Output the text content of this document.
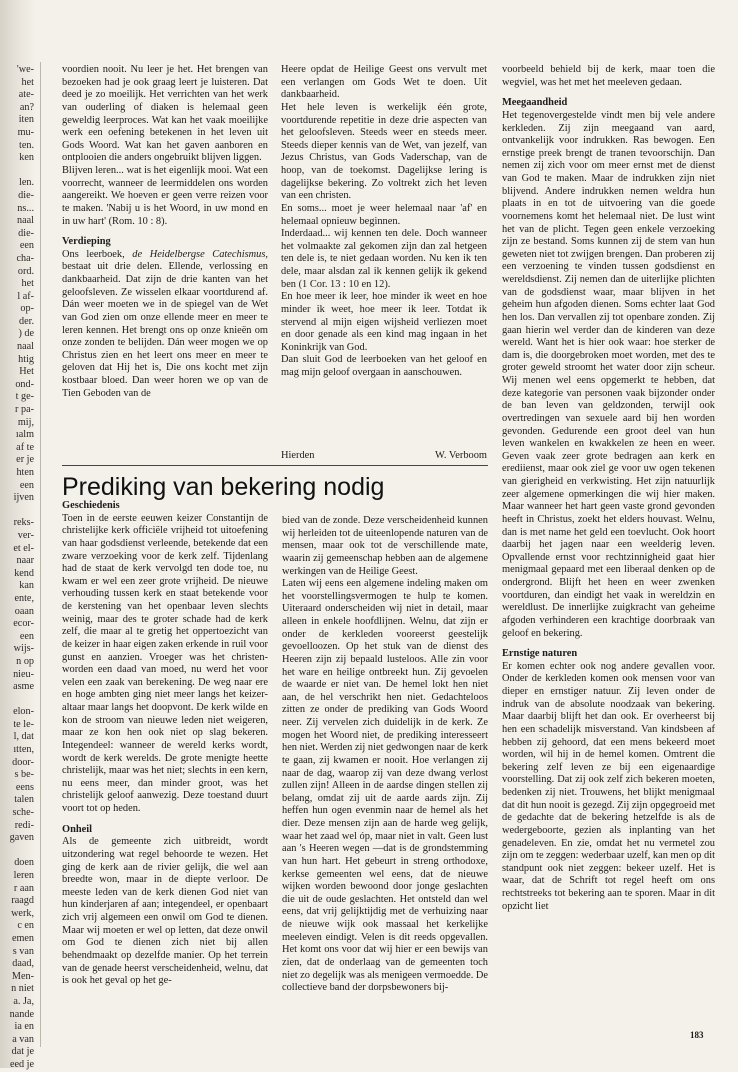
'we-
het
ate-
an?
iten
mu-
ten.
ken
len.
die-
ns...
naal
die-
een
cha-
ord.
het
l af-
op-
der.
) de
naal
htig
Het
ond-
t ge-
r pa-
mij,
ıalm
af te
er je
hten
een
ijven
reks-
ver-
et el-
naar
kend
kan
ente,
oaan
ecor-
een
wijs-
n op
nieu-
asme
elon-
te le-
l, dat
ıtten,
door-
s be-
eens
talen
sche-
redi-
gaven
doen
leren
r aan
raagd
werk,
c en
emen
s van
daad,
Men-
n niet
a. Ja,
nande
ia en
a van
dat je
eed je

voordien nooit. Nu leer je het. Het brengen van bezoeken had je ook graag leert je luisteren. Dat deed je zo moeilijk. Het verrichten van het werk van ouderling of diaken is helemaal geen geweldig leerproces. Wat kan het vaak moeilijke werk een oefening betekenen in het leven uit Gods Woord. Wat kan het gaven aanboren en ontplooien die anders ongebruikt blijven liggen.

Blijven leren... wat is het eigenlijk mooi. Wat een voorrecht, wanneer de leermiddelen ons worden aangereikt. We hoeven er geen verre reizen voor te maken. 'Nabij u is het Woord, in uw mond en in uw hart' (Rom. 10 : 8).

Verdieping

Ons leerboek, de Heidelbergse Catechismus, bestaat uit drie delen. Ellende, verlossing en dankbaarheid. Dat zijn de drie kanten van het geloofsleven. Ze wisselen elkaar voortdurend af. Dán weer moeten we in de spiegel van de Wet van God zien om onze ellende meer en meer te leren kennen. Het brengt ons op onze knieën om onze zonden te belijden. Dán weer mogen we op Christus zien en het leert ons meer en meer te geloven dat Hij het is, Die ons kocht met zijn kostbaar bloed. Dan weer horen we op van de Tien Geboden van de

Heere opdat de Heilige Geest ons vervult met een verlangen om Gods Wet te doen. Uit dankbaarheid.

Het hele leven is werkelijk één grote, voortdurende repetitie in deze drie aspecten van het geloofsleven. Steeds weer en steeds meer. Steeds dieper kennis van de Wet, van jezelf, van Jezus Christus, van Gods Vaderschap, van de hoop, van de toekomst. Dagelijkse lering is dagelijkse bekering. Zo voltrekt zich het leven van een christen.

En soms... moet je weer helemaal naar 'af' en helemaal opnieuw beginnen.

Inderdaad... wij kennen ten dele. Doch wanneer het volmaakte zal gekomen zijn dan zal hetgeen ten dele is, te niet gedaan worden. Nu ken ik ten dele, maar alsdan zal ik kennen gelijk ik gekend ben (1 Cor. 13 : 10 en 12).

En hoe meer ik leer, hoe minder ik weet en hoe minder ik weet, hoe meer ik leer. Totdat ik stervend al mijn eigen wijsheid verliezen moet en door genade als een kind mag ingaan in het Koninkrijk van God.

Dan sluit God de leerboeken van het geloof en mag mijn geloof overgaan in aanschouwen.

Hierden	W. Verboom
Prediking van bekering nodig

Geschiedenis

Toen in de eerste eeuwen keizer Constantijn de christelijke kerk officiële vrijheid tot uitoefening van haar godsdienst verleende, betekende dat een zware verzoeking voor de kerk zelf. Tijdenlang had de staat de kerk vervolgd ten dode toe, nu kwam er wel een zeer grote vrijheid. De nieuwe verhouding tussen kerk en staat betekende voor de kerstening van het openbaar leven slechts weinig, maar des te groter schade had de kerk zelf, die maar al te gretig het oppertoezicht van de keizer in haar eigen zaken erkende in ruil voor gunst en aanzien. Vroeger was het christen-worden een daad van moed, nu werd het voor velen een zaak van berekening. De weg naar ere en hoge ambten ging niet meer langs het keizer-altaar maar langs het doopvont. De kerk wilde en kon de stroom van nieuwe leden niet weigeren, maar ze kon hen ook niet op slag bekeren. Integendeel: wanneer de wereld kerks wordt, wordt de kerk werelds. De grote menigte heette christelijk, maar was het niet; slechts in een kern, nu eens meer, dan minder groot, was het christelijk geloof aanwezig. Deze toestand duurt voort tot op heden.

Onheil

Als de gemeente zich uitbreidt, wordt uitzondering wat regel behoorde te wezen. Het ging de kerk aan de rivier gelijk, die wel aan breedte won, maar in de diepte verloor. De meeste leden van de kerk dienen God niet van hun kinderjaren af aan; integendeel, er openbaart zich vrij algemeen een onwil om God te dienen. Maar wij moeten er wel op letten, dat deze onwil om God te dienen zich niet bij allen behendmaakt op dezelfde manier. Op het terrein van de genade heerst verscheidenheid, welnu, dat is ook het geval op het ge-

bied van de zonde. Deze verscheidenheid kunnen wij herleiden tot de uiteenlopende naturen van de mensen, maar ook tot de verschillende mate, waarin zij gemeenschap hebben aan de algemene werkingen van de Heilige Geest.

Laten wij eens een algemene indeling maken om het voorstellingsvermogen te hulp te komen. Uiteraard onderscheiden wij niet in detail, maar alleen in enkele hoofdlijnen. Welnu, dat zijn er onder de kerkleden vooreerst geestelijk gevoelloozen. Op het stuk van de dienst des Heeren zijn zij bepaald lusteloos. Alle zin voor het ware en heilige ontbreekt hun. Zij gevoelen de waarde er niet van. De hemel lokt hen niet aan, de hel verschrikt hen niet. Gedachteloos zitten ze onder de prediking van Gods Woord neer. Zij vervelen zich duidelijk in de kerk. Ze mogen het Woord niet, de prediking interesseert hen niet. Werden zij niet gedwongen naar de kerk te gaan, zij kwamen er nooit. Hoe verlangen zij naar de dag, waarop zij van deze dwang verlost zullen zijn! Alleen in de aardse dingen stellen zij belang, omdat zij uit de aarde aards zijn. Zij heffen hun ogen evenmin naar de hemel als het dier. Deze mensen zijn aan de harde weg gelijk, waar het zaad wel óp, maar niet in valt. Geen lust aan 's Heeren wegen —dat is de grondstemming van hun hart. Het gebeurt in streng orthodoxe, kerkse gemeenten wel eens, dat de nieuwe wijken worden bewoond door jonge geslachten die uit de oude geslachten. Het ontsteld dan wel eens, dat vrij gelijktijdig met de verhuizing naar de nieuwe wijk ook massaal het kerkelijke meeleven eindigt. Velen is dit reeds opgevallen. Het komt ons voor dat wij hier er een bewijs van zien, dat de onderlaag van de gemeenten toch niet zo degelijk was als menigeen vermoedde. De collectieve band der dorpsbewoners bij-

voorbeeld behield bij de kerk, maar toen die wegviel, was het met het meeleven gedaan.

Meegaandheid

Het tegenovergestelde vindt men bij vele andere kerkleden. Zij zijn meegaand van aard, ontvankelijk voor indrukken. Ras bewogen. Een ernstige preek brengt de tranen tevoorschijn. Dan nemen zij zich voor om meer ernst met de dienst van God te maken. Maar de indrukken zijn niet blijvend. Andere indrukken nemen weldra hun plaats in en tot de uitvoering van die goede voornemens komt het helemaal niet. De lust wint het van de plicht. Tegen geen enkele verzoeking zijn ze bestand. Soms kunnen zij de stem van hun geweten niet tot zwijgen brengen. Dan proberen zij een verzoening te vinden tussen godsdienst en wereldsdienst. Zij nemen dan de uiterlijke plichten van de godsdienst waar, maar blijven in het geheim hun afgoden dienen. Soms echter laat God hen los. Dan vervallen zij tot openbare zonden. Zij gaan hierin wel verder dan de kinderen van deze wereld. Want het is hier ook waar: hoe sterker de dam is, die doorgebroken moet worden, met des te groter geweld stroomt het water door zijn scheur. Wij menen wel eens opgemerkt te hebben, dat deze kategorie van personen vaak bijzonder onder de ban leven van geldzonden, terwijl ook overtredingen van sexuele aard bij hen worden gevonden. Gedurende een groot deel van hun leven wankelen en kwakkelen ze heen en weer. Geven vaak zeer grote bedragen aan kerk en erediienst, maar ook ziel ge voor uw ogen tekenen van gierigheid en verkwisting. Het zijn natuurlijk zeer algemene opmerkingen die wij hier maken. Maar wanneer het hart geen vaste grond gevonden heeft in Christus, zoekt het elders houvast. Welnu, dan is met name het geld een toevlucht. Ook hoort daarbij het jagen naar een weelderig leven. Opvallende ernst voor rechtzinnigheid gaat hier menigmaal gepaard met een liberaal denken op de ondergrond. Blijft het heen en weer zwenken voortduren, dan eindigt het vaak in wereldzin en wereldlust. De innerlijke zuigkracht van geheime afgoden verhinderen een krachtige doorbraak van geloof en bekering.

Ernstige naturen

Er komen echter ook nog andere gevallen voor. Onder de kerkleden komen ook mensen voor van dieper en ernstiger natuur. Zij leven onder de indruk van de absolute noodzaak van bekering. Maar daarbij blijft het dan ook. Er overheerst bij hen een schadelijk misverstand. Van kindsbeen af hebben zij gehoord, dat een mens bekeerd moet worden, wil hij in de hemel komen. Omtrent die bekering zelf leven ze bij een eigenaardige voorstelling. Dat zij ook zelf zich bekeren moeten, bedenken zij niet. Trouwens, het blijkt menigmaal dat dit hun nooit is gezegd. Zij zijn opgegroeid met de gedachte dat de bekering hetzelfde is als de wedergeboorte, gezien als inplanting van het genadeleven. En zie, omdat het nu vermetel zou zijn om te zeggen: wederbaar uzelf, kan men op dit standpunt ook niet zeggen: bekeer uzelf. Het is waar, dat de Schrift tot regel heeft om ons rechtstreeks tot bekering aan te sporen. Maar in dit opzicht liet

183
